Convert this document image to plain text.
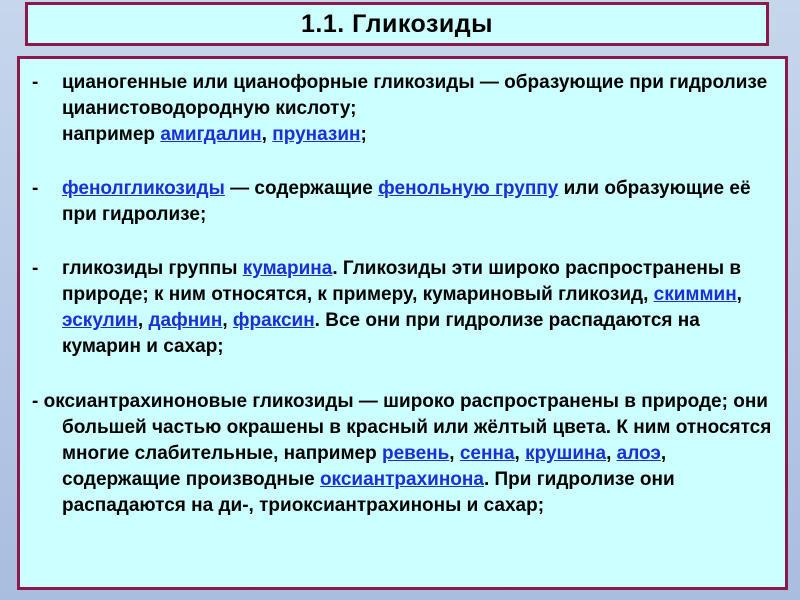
1.1. Гликозиды
- цианогенные или цианофорные гликозиды — образующие при гидролизе цианистоводородную кислоту;
например амигдалин, пруназин;
- фенолгликозиды — содержащие фенольную группу или образующие её при гидролизе;
- гликозиды группы кумарина. Гликозиды эти широко распространены в природе; к ним относятся, к примеру, кумариновый гликозид, скиммин, эскулин, дафнин, фраксин. Все они при гидролизе распадаются на кумарин и сахар;
- оксиантрахиноновые гликозиды — широко распространены в природе; они большей частью окрашены в красный или жёлтый цвета. К ним относятся многие слабительные, например ревень, сенна, крушина, алоэ, содержащие производные оксиантрахинона. При гидролизе они распадаются на ди-, триоксиантрахиноны и сахар;
